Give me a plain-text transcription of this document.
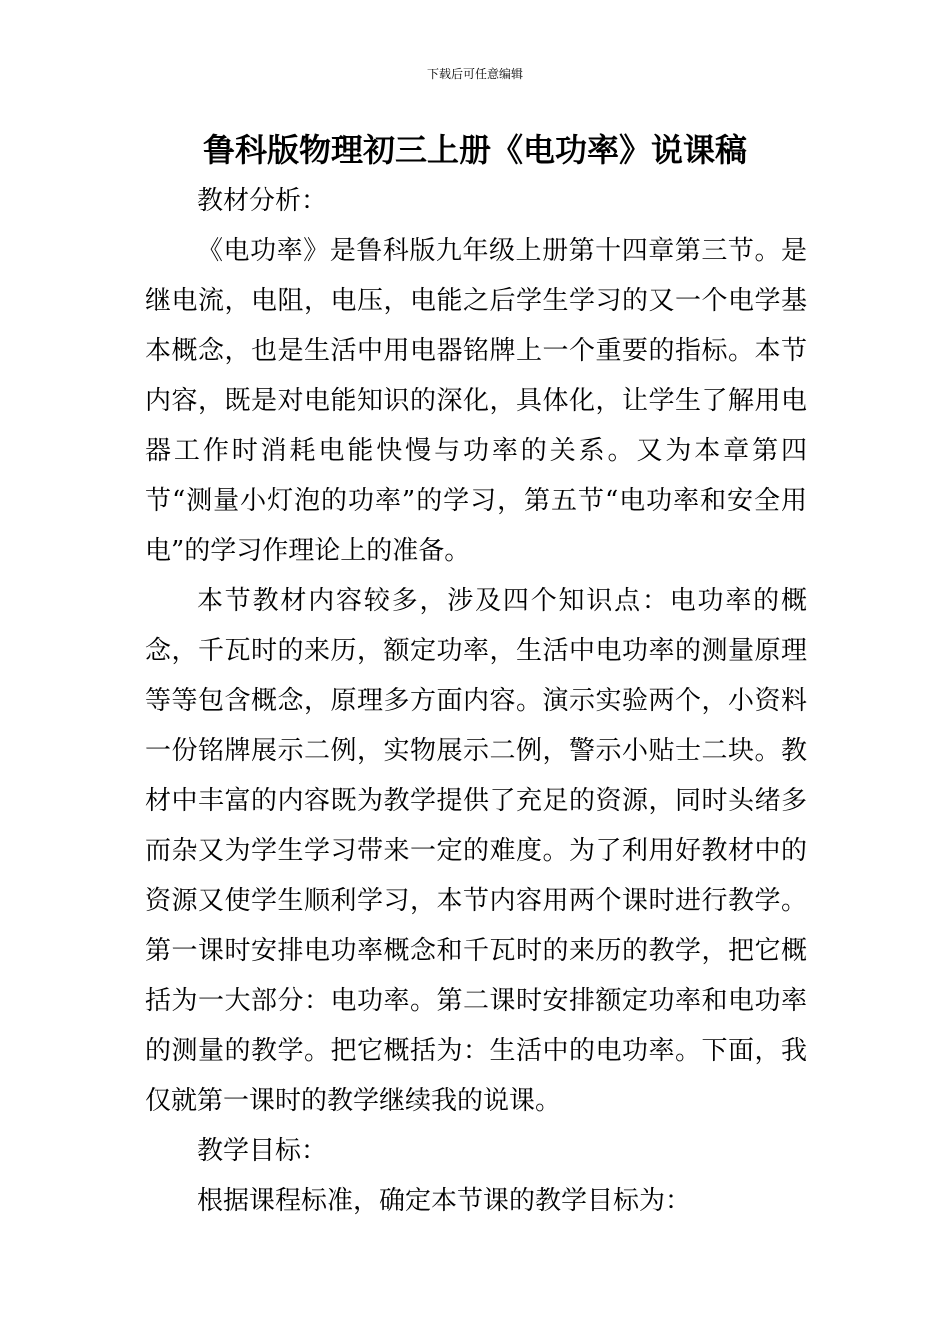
下载后可任意编辑
鲁科版物理初三上册《电功率》说课稿

教材分析：

《电功率》是鲁科版九年级上册第十四章第三节。是继电流，电阻，电压，电能之后学生学习的又一个电学基本概念，也是生活中用电器铭牌上一个重要的指标。本节内容，既是对电能知识的深化，具体化，让学生了解用电器工作时消耗电能快慢与功率的关系。又为本章第四节“测量小灯泡的功率”的学习，第五节“电功率和安全用电”的学习作理论上的准备。

本节教材内容较多，涉及四个知识点：电功率的概念，千瓦时的来历，额定功率，生活中电功率的测量原理等等包含概念，原理多方面内容。演示实验两个，小资料一份铭牌展示二例，实物展示二例，警示小贴士二块。教材中丰富的内容既为教学提供了充足的资源，同时头绪多而杂又为学生学习带来一定的难度。为了利用好教材中的资源又使学生顺利学习，本节内容用两个课时进行教学。第一课时安排电功率概念和千瓦时的来历的教学，把它概括为一大部分：电功率。第二课时安排额定功率和电功率的测量的教学。把它概括为：生活中的电功率。下面，我仅就第一课时的教学继续我的说课。

教学目标：

根据课程标准，确定本节课的教学目标为：
